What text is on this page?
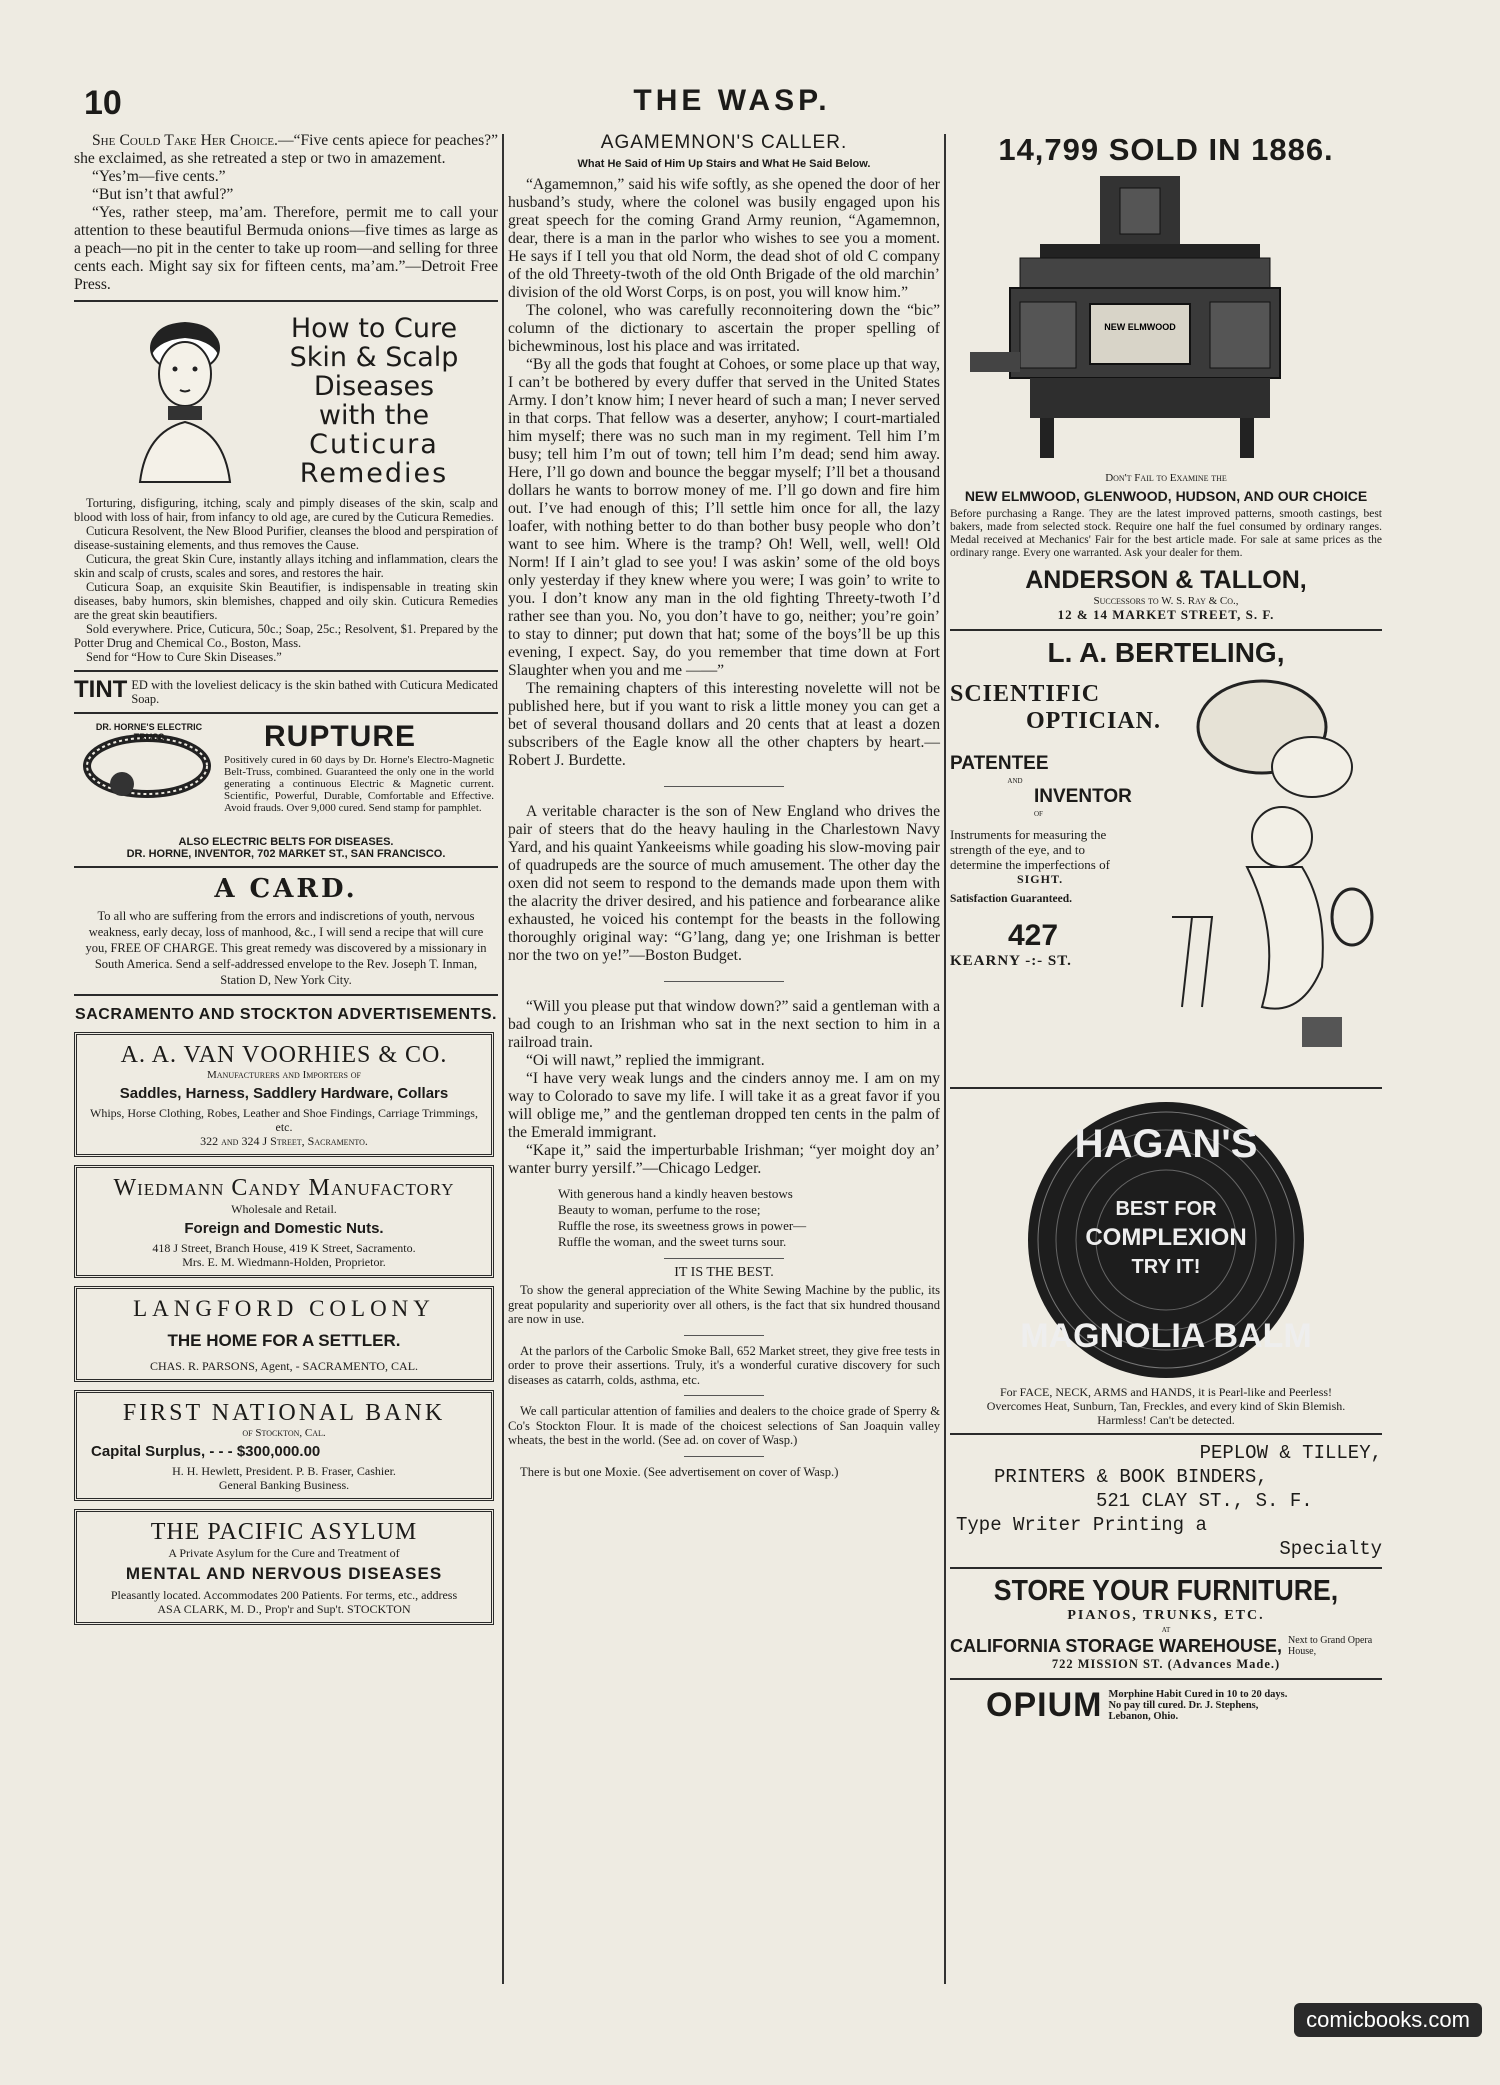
10	THE WASP.

She Could Take Her Choice.—“Five cents apiece for peaches?” she exclaimed, as she retreated a step or two in amazement.

“Yes’m—five cents.”

“But isn’t that awful?”

“Yes, rather steep, ma’am. Therefore, permit me to call your attention to these beautiful Bermuda onions—five times as large as a peach—no pit in the center to take up room—and selling for three cents each. Might say six for fifteen cents, ma’am.”—Detroit Free Press.

How to Cure
Skin & Scalp
Diseases
with the
Cuticura
Remedies

Torturing, disfiguring, itching, scaly and pimply diseases of the skin, scalp and blood with loss of hair, from infancy to old age, are cured by the Cuticura Remedies.

Cuticura Resolvent, the New Blood Purifier, cleanses the blood and perspiration of disease-sustaining elements, and thus removes the Cause.

Cuticura, the great Skin Cure, instantly allays itching and inflammation, clears the skin and scalp of crusts, scales and sores, and restores the hair.

Cuticura Soap, an exquisite Skin Beautifier, is indispensable in treating skin diseases, baby humors, skin blemishes, chapped and oily skin. Cuticura Remedies are the great skin beautifiers.

Sold everywhere. Price, Cuticura, 50c.; Soap, 25c.; Resolvent, $1. Prepared by the Potter Drug and Chemical Co., Boston, Mass.

Send for “How to Cure Skin Diseases.”

TINT ED with the loveliest delicacy is the skin bathed with Cuticura Medicated Soap.
DR. HORNE'S ELECTRIC TRUSS	RUPTURE
Positively cured in 60 days by Dr. Horne's Electro-Magnetic Belt-Truss, combined. Guaranteed the only one in the world generating a continuous Electric & Magnetic current. Scientific, Powerful, Durable, Comfortable and Effective. Avoid frauds. Over 9,000 cured. Send stamp for pamphlet.
ALSO ELECTRIC BELTS FOR DISEASES.
DR. HORNE, INVENTOR, 702 MARKET ST., SAN FRANCISCO.
A CARD.
To all who are suffering from the errors and indiscretions of youth, nervous weakness, early decay, loss of manhood, &c., I will send a recipe that will cure you, FREE OF CHARGE. This great remedy was discovered by a missionary in South America. Send a self-addressed envelope to the Rev. Joseph T. Inman, Station D, New York City.
SACRAMENTO AND STOCKTON ADVERTISEMENTS.
A. A. VAN VOORHIES & CO.
Manufacturers and Importers of
Saddles, Harness, Saddlery Hardware, Collars
Whips, Horse Clothing, Robes, Leather and Shoe Findings, Carriage Trimmings, etc.
322 and 324 J Street, Sacramento.
Wiedmann Candy Manufactory
Wholesale and Retail.
Foreign and Domestic Nuts.
418 J Street, Branch House, 419 K Street, Sacramento.
Mrs. E. M. Wiedmann-Holden, Proprietor.
LANGFORD COLONY
THE HOME FOR A SETTLER.
CHAS. R. PARSONS, Agent, - SACRAMENTO, CAL.
FIRST NATIONAL BANK
of Stockton, Cal.
Capital Surplus, - - - $300,000.00
H. H. Hewlett, President. P. B. Fraser, Cashier.
General Banking Business.
THE PACIFIC ASYLUM
A Private Asylum for the Cure and Treatment of
MENTAL AND NERVOUS DISEASES
Pleasantly located. Accommodates 200 Patients. For terms, etc., address
ASA CLARK, M. D., Prop'r and Sup't. STOCKTON
AGAMEMNON'S CALLER.
What He Said of Him Up Stairs and What He Said Below.

“Agamemnon,” said his wife softly, as she opened the door of her husband’s study, where the colonel was busily engaged upon his great speech for the coming Grand Army reunion, “Agamemnon, dear, there is a man in the parlor who wishes to see you a moment. He says if I tell you that old Norm, the dead shot of old C company of the old Threety-twoth of the old Onth Brigade of the old marchin’ division of the old Worst Corps, is on post, you will know him.”

The colonel, who was carefully reconnoitering down the “bic” column of the dictionary to ascertain the proper spelling of bichewminous, lost his place and was irritated.

“By all the gods that fought at Cohoes, or some place up that way, I can’t be bothered by every duffer that served in the United States Army. I don’t know him; I never heard of such a man; I never served in that corps. That fellow was a deserter, anyhow; I court-martialed him myself; there was no such man in my regiment. Tell him I’m busy; tell him I’m out of town; tell him I’m dead; send him away. Here, I’ll go down and bounce the beggar myself; I’ll bet a thousand dollars he wants to borrow money of me. I’ll go down and fire him out. I’ve had enough of this; I’ll settle him once for all, the lazy loafer, with nothing better to do than bother busy people who don’t want to see him. Where is the tramp? Oh! Well, well, well! Old Norm! If I ain’t glad to see you! I was askin’ some of the old boys only yesterday if they knew where you were; I was goin’ to write to you. I don’t know any man in the old fighting Threety-twoth I’d rather see than you. No, you don’t have to go, neither; you’re goin’ to stay to dinner; put down that hat; some of the boys’ll be up this evening, I expect. Say, do you remember that time down at Fort Slaughter when you and me ——”

The remaining chapters of this interesting novelette will not be published here, but if you want to risk a little money you can get a bet of several thousand dollars and 20 cents that at least a dozen subscribers of the Eagle know all the other chapters by heart.—Robert J. Burdette.

A veritable character is the son of New England who drives the pair of steers that do the heavy hauling in the Charlestown Navy Yard, and his quaint Yankeeisms while goading his slow-moving pair of quadrupeds are the source of much amusement. The other day the oxen did not seem to respond to the demands made upon them with the alacrity the driver desired, and his patience and forbearance alike exhausted, he voiced his contempt for the beasts in the following thoroughly original way: “G’lang, dang ye; one Irishman is better nor the two on ye!”—Boston Budget.

“Will you please put that window down?” said a gentleman with a bad cough to an Irishman who sat in the next section to him in a railroad train.

“Oi will nawt,” replied the immigrant.

“I have very weak lungs and the cinders annoy me. I am on my way to Colorado to save my life. I will take it as a great favor if you will oblige me,” and the gentleman dropped ten cents in the palm of the Emerald immigrant.

“Kape it,” said the imperturbable Irishman; “yer moight doy an’ wanter burry yersilf.”—Chicago Ledger.

With generous hand a kindly heaven bestows
Beauty to woman, perfume to the rose;
Ruffle the rose, its sweetness grows in power—
Ruffle the woman, and the sweet turns sour.
IT IS THE BEST.

To show the general appreciation of the White Sewing Machine by the public, its great popularity and superiority over all others, is the fact that six hundred thousand are now in use.

At the parlors of the Carbolic Smoke Ball, 652 Market street, they give free tests in order to prove their assertions. Truly, it's a wonderful curative discovery for such diseases as catarrh, colds, asthma, etc.

We call particular attention of families and dealers to the choice grade of Sperry & Co's Stockton Flour. It is made of the choicest selections of San Joaquin valley wheats, the best in the world. (See ad. on cover of Wasp.)

There is but one Moxie. (See advertisement on cover of Wasp.)

14,799 SOLD IN 1886.
NEW ELMWOOD
Don't Fail to Examine the
NEW ELMWOOD, GLENWOOD, HUDSON, AND OUR CHOICE
Before purchasing a Range. They are the latest improved patterns, smooth castings, best bakers, made from selected stock. Require one half the fuel consumed by ordinary ranges. Medal received at Mechanics' Fair for the best article made. For sale at same prices as the ordinary range. Every one warranted. Ask your dealer for them.
ANDERSON & TALLON,
Successors to W. S. Ray & Co.,
12 & 14 MARKET STREET, S. F.
L. A. BERTELING,
SCIENTIFIC
OPTICIAN.
PATENTEE
and
INVENTOR
of
Instruments for measuring the strength of the eye, and to determine the imperfections of
SIGHT.
Satisfaction Guaranteed.
427
KEARNY -:- ST.
HAGAN'S
BEST FOR
COMPLEXION
TRY IT!
MAGNOLIA BALM
For FACE, NECK, ARMS and HANDS, it is Pearl-like and Peerless! Overcomes Heat, Sunburn, Tan, Freckles, and every kind of Skin Blemish. Harmless! Can't be detected.
PEPLOW & TILLEY,
PRINTERS & BOOK BINDERS,
521 CLAY ST., S. F.
Type Writer Printing a
Specialty
STORE YOUR FURNITURE,
PIANOS, TRUNKS, ETC.
at
CALIFORNIA STORAGE WAREHOUSE, Next to Grand Opera House,
722 MISSION ST. (Advances Made.)
OPIUM Morphine Habit Cured in 10 to 20 days. No pay till cured. Dr. J. Stephens, Lebanon, Ohio.
comicbooks.com
